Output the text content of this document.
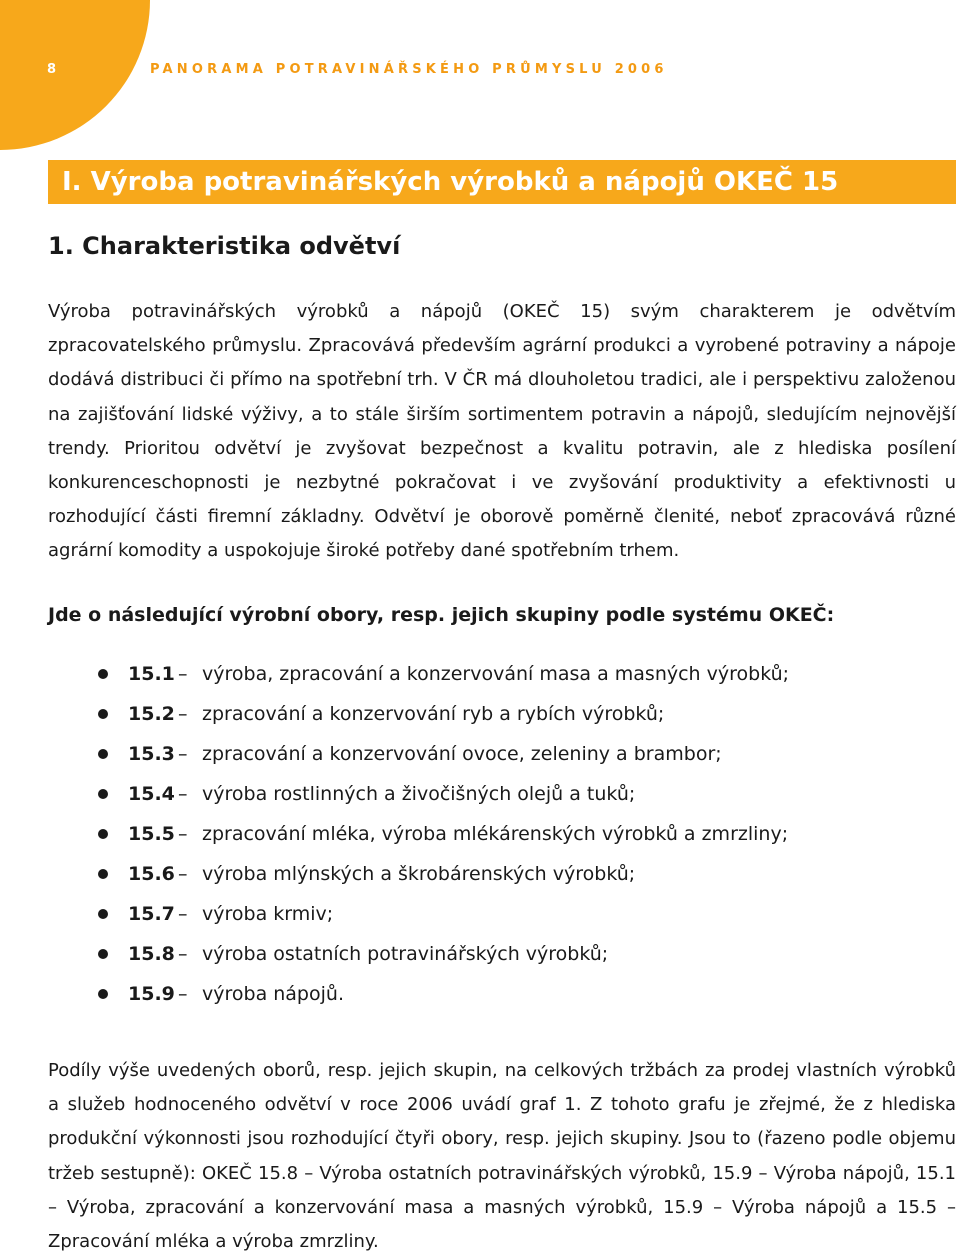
8	PANORAMA POTRAVINÁŘSKÉHO PRŮMYSLU 2006
I. Výroba potravinářských výrobků a nápojů OKEČ 15
1. Charakteristika odvětví

Výroba potravinářských výrobků a nápojů (OKEČ 15) svým charakterem je odvětvím zpracovatelského průmyslu. Zpracovává především agrární produkci a vyrobené potraviny a nápoje dodává distribuci či přímo na spotřební trh. V ČR má dlouholetou tradici, ale i perspektivu založenou na zajišťování lidské výživy, a to stále širším sortimentem potravin a nápojů, sledujícím nejnovější trendy. Prioritou odvětví je zvyšovat bezpečnost a kvalitu potravin, ale z hlediska posílení konkurenceschopnosti je nezbytné pokračovat i ve zvyšování produktivity a efektivnosti u rozhodující části firemní základny. Odvětví je oborově poměrně členité, neboť zpracovává různé agrární komodity a uspokojuje široké potřeby dané spotřebním trhem.

Jde o následující výrobní obory, resp. jejich skupiny podle systému OKEČ:
15.1 – výroba, zpracování a konzervování masa a masných výrobků;
15.2 – zpracování a konzervování ryb a rybích výrobků;
15.3 – zpracování a konzervování ovoce, zeleniny a brambor;
15.4 – výroba rostlinných a živočišných olejů a tuků;
15.5 – zpracování mléka, výroba mlékárenských výrobků a zmrzliny;
15.6 – výroba mlýnských a škrobárenských výrobků;
15.7 – výroba krmiv;
15.8 – výroba ostatních potravinářských výrobků;
15.9 – výroba nápojů.

Podíly výše uvedených oborů, resp. jejich skupin, na celkových tržbách za prodej vlastních výrobků a služeb hodnoceného odvětví v roce 2006 uvádí graf 1. Z tohoto grafu je zřejmé, že z hlediska produkční výkonnosti jsou rozhodující čtyři obory, resp. jejich skupiny. Jsou to (řazeno podle objemu tržeb sestupně): OKEČ 15.8 – Výroba ostatních potravinářských výrobků, 15.9 – Výroba nápojů, 15.1 – Výroba, zpracování a konzervování masa a masných výrobků, 15.9 – Výroba nápojů a 15.5 – Zpracování mléka a výroba zmrzliny.
